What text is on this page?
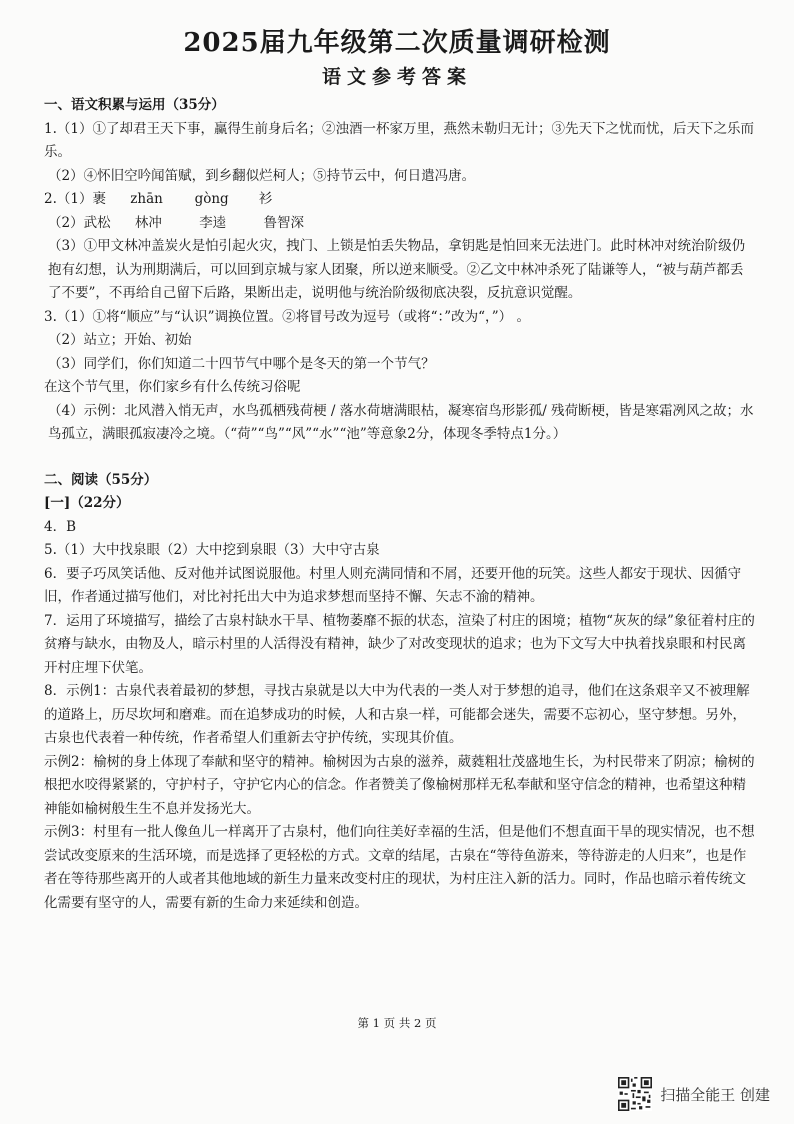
2025届九年级第二次质量调研检测
语文参考答案

一、语文积累与运用（35分）

1.（1）①了却君王天下事，赢得生前身后名；②浊酒一杯家万里，燕然未勒归无计；③先天下之忧而忧，后天下之乐而乐。

（2）④怀旧空吟闻笛赋，到乡翻似烂柯人；⑤持节云中，何日遣冯唐。

2.（1）裹 zhān gòng 衫

（2）武松 林冲	李逵	鲁智深

（3）①甲文林冲盖炭火是怕引起火灾，拽门、上锁是怕丢失物品，拿钥匙是怕回来无法进门。此时林冲对统治阶级仍抱有幻想，认为刑期满后，可以回到京城与家人团聚，所以逆来顺受。②乙文中林冲杀死了陆谦等人，“被与葫芦都丢了不要”，不再给自己留下后路，果断出走，说明他与统治阶级彻底决裂，反抗意识觉醒。

3.（1）①将“顺应”与“认识”调换位置。②将冒号改为逗号（或将“：”改为“，”） 。

（2）站立；开始、初始

（3）同学们，你们知道二十四节气中哪个是冬天的第一个节气？

在这个节气里，你们家乡有什么传统习俗呢

（4）示例：北风潜入悄无声，水鸟孤栖残荷梗 / 落水荷塘满眼枯，凝寒宿鸟形影孤/ 残荷断梗，皆是寒霜冽风之故；水鸟孤立，满眼孤寂凄冷之境。（“荷”“鸟”“风”“水”“池”等意象2分，体现冬季特点1分。）

二、阅读（55分）

[一]（22分）

4．B

5.（1）大中找泉眼（2）大中挖到泉眼（3）大中守古泉

6．要子巧凤笑话他、反对他并试图说服他。村里人则充满同情和不屑，还要开他的玩笑。这些人都安于现状、因循守旧，作者通过描写他们，对比衬托出大中为追求梦想而坚持不懈、矢志不渝的精神。

7．运用了环境描写，描绘了古泉村缺水干旱、植物萎靡不振的状态，渲染了村庄的困境；植物“灰灰的绿”象征着村庄的贫瘠与缺水，由物及人，暗示村里的人活得没有精神，缺少了对改变现状的追求；也为下文写大中执着找泉眼和村民离开村庄埋下伏笔。

8．示例1：古泉代表着最初的梦想，寻找古泉就是以大中为代表的一类人对于梦想的追寻，他们在这条艰辛又不被理解的道路上，历尽坎坷和磨难。而在追梦成功的时候，人和古泉一样，可能都会迷失，需要不忘初心，坚守梦想。另外，古泉也代表着一种传统，作者希望人们重新去守护传统，实现其价值。

示例2：榆树的身上体现了奉献和坚守的精神。榆树因为古泉的滋养，葳蕤粗壮茂盛地生长，为村民带来了阴凉；榆树的根把水咬得紧紧的，守护村子，守护它内心的信念。作者赞美了像榆树那样无私奉献和坚守信念的精神，也希望这种精神能如榆树般生生不息并发扬光大。

示例3：村里有一批人像鱼儿一样离开了古泉村，他们向往美好幸福的生活，但是他们不想直面干旱的现实情况，也不想尝试改变原来的生活环境，而是选择了更轻松的方式。文章的结尾，古泉在“等待鱼游来，等待游走的人归来”，也是作者在等待那些离开的人或者其他地域的新生力量来改变村庄的现状，为村庄注入新的活力。同时，作品也暗示着传统文化需要有坚守的人，需要有新的生命力来延续和创造。

第 1 页 共 2 页
扫描全能王 创建
